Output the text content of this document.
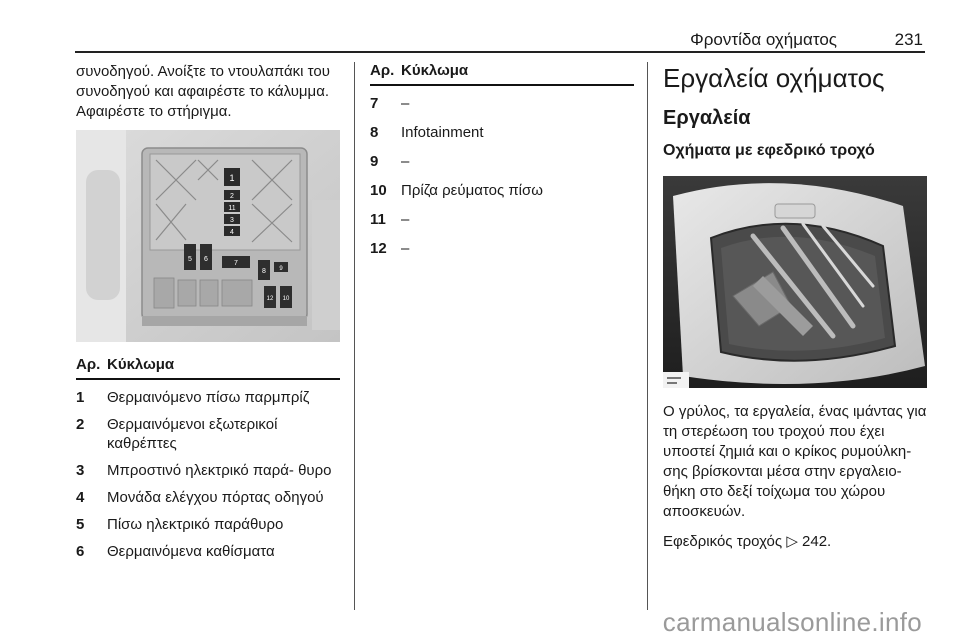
Φροντίδα οχήματος	231

συνοδηγού. Ανοίξτε το ντουλαπάκι του συνοδηγού και αφαιρέστε το κάλυμμα. Αφαιρέστε το στήριγμα.

1
2
11
3
4
5 6
7
8 9
12 10
Αρ. Κύκλωμα
1	Θερμαινόμενο πίσω παρμπρίζ
2	Θερμαινόμενοι εξωτερικοί καθρέπτες
3	Μπροστινό ηλεκτρικό παρά- θυρο
4	Μονάδα ελέγχου πόρτας οδηγού
5	Πίσω ηλεκτρικό παράθυρο
6	Θερμαινόμενα καθίσματα
Αρ. Κύκλωμα
7	–
8	Infotainment
9	–
10 Πρίζα ρεύματος πίσω
11	–
12 –
Εργαλεία οχήματος
Εργαλεία
Οχήματα με εφεδρικό τροχό

Ο γρύλος, τα εργαλεία, ένας ιμάντας για τη στερέωση του τροχού που έχει υποστεί ζημιά και ο κρίκος ρυμούλκη- σης βρίσκονται μέσα στην εργαλειο- θήκη στο δεξί τοίχωμα του χώρου αποσκευών.

Εφεδρικός τροχός ▷ 242.

carmanualsonline.info
